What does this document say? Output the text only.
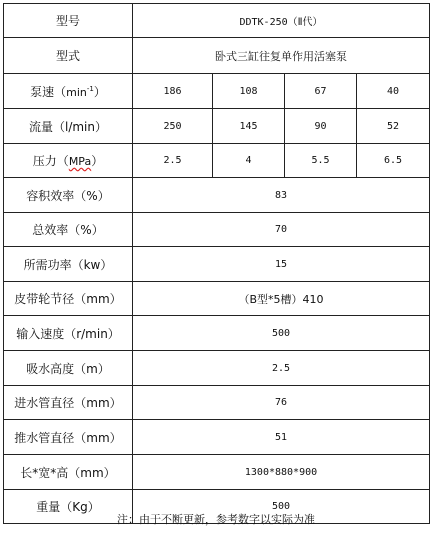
型号	DDTK-250（Ⅱ代）			
型式	卧式三缸往复单作用活塞泵			
泵速$(\min^{-1})$	186	108	67	40
流量（l/min）	250	145	90	52
压力（MPa）	2.5	4	5.5	6.5
容积效率（%）	83			
总效率（%）	70			
所需功率（kw）	15			
皮带轮节径（mm）	（B型*5槽）410			
输入速度（r/min）	500			
吸水高度（m）	2.5			
进水管直径（mm）	76			
推水管直径（mm）	51			
长*宽*高（mm）	1300*880*900			
重量（Kg）	500			
注：由于不断更新，参考数字以实际为准
